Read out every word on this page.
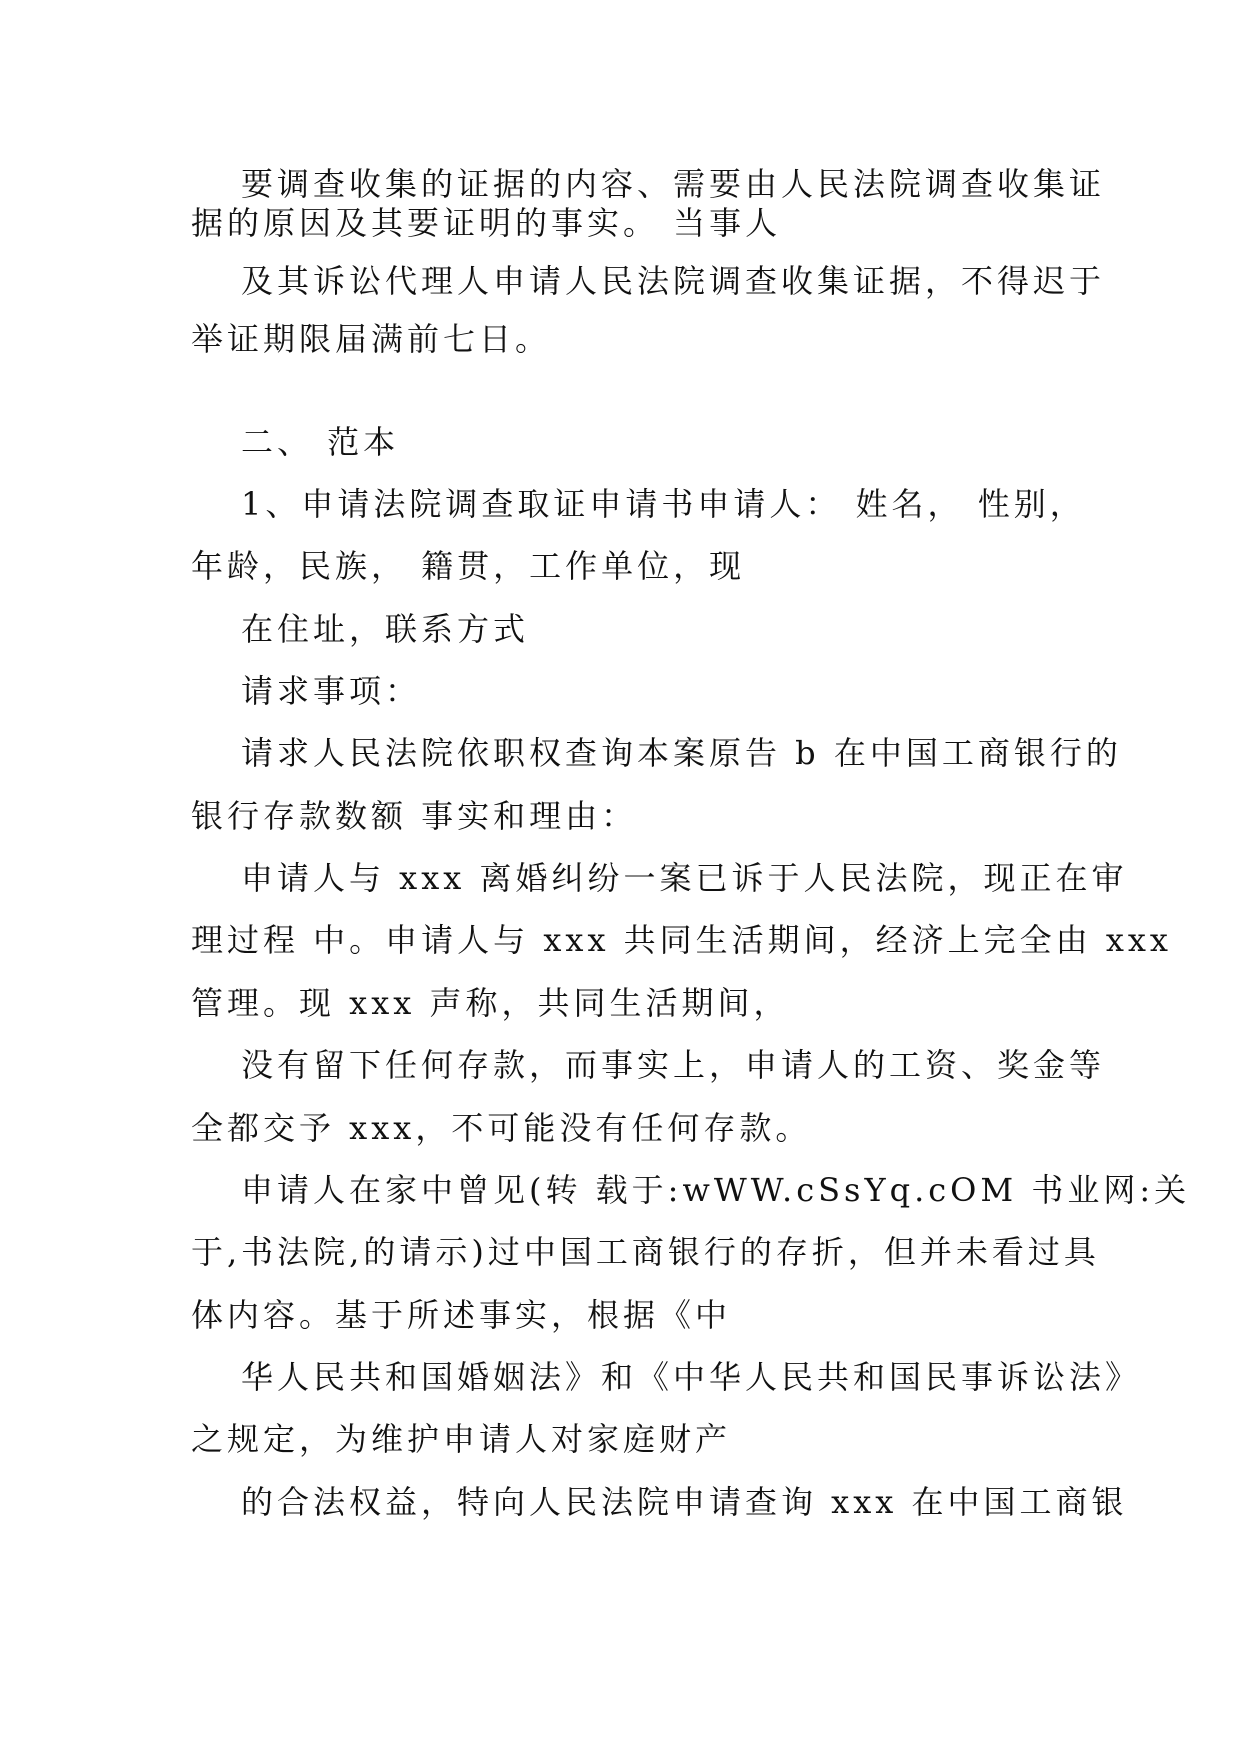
要调查收集的证据的内容、需要由人民法院调查收集证
据的原因及其要证明的事实。 当事人
及其诉讼代理人申请人民法院调查收集证据，不得迟于
举证期限届满前七日。
二、 范本
1、申请法院调查取证申请书申请人： 姓名， 性别，
年龄，民族， 籍贯，工作单位，现
在住址，联系方式
请求事项：
请求人民法院依职权查询本案原告 b 在中国工商银行的
银行存款数额 事实和理由：
申请人与 xxx 离婚纠纷一案已诉于人民法院，现正在审
理过程 中。申请人与 xxx 共同生活期间，经济上完全由 xxx
管理。现 xxx 声称，共同生活期间，
没有留下任何存款，而事实上，申请人的工资、奖金等
全都交予 xxx，不可能没有任何存款。
申请人在家中曾见(转 载于:wWW.cSsYq.cOM 书业网:关
于,书法院,的请示)过中国工商银行的存折，但并未看过具
体内容。基于所述事实，根据《中
华人民共和国婚姻法》和《中华人民共和国民事诉讼法》
之规定，为维护申请人对家庭财产
的合法权益，特向人民法院申请查询 xxx 在中国工商银
